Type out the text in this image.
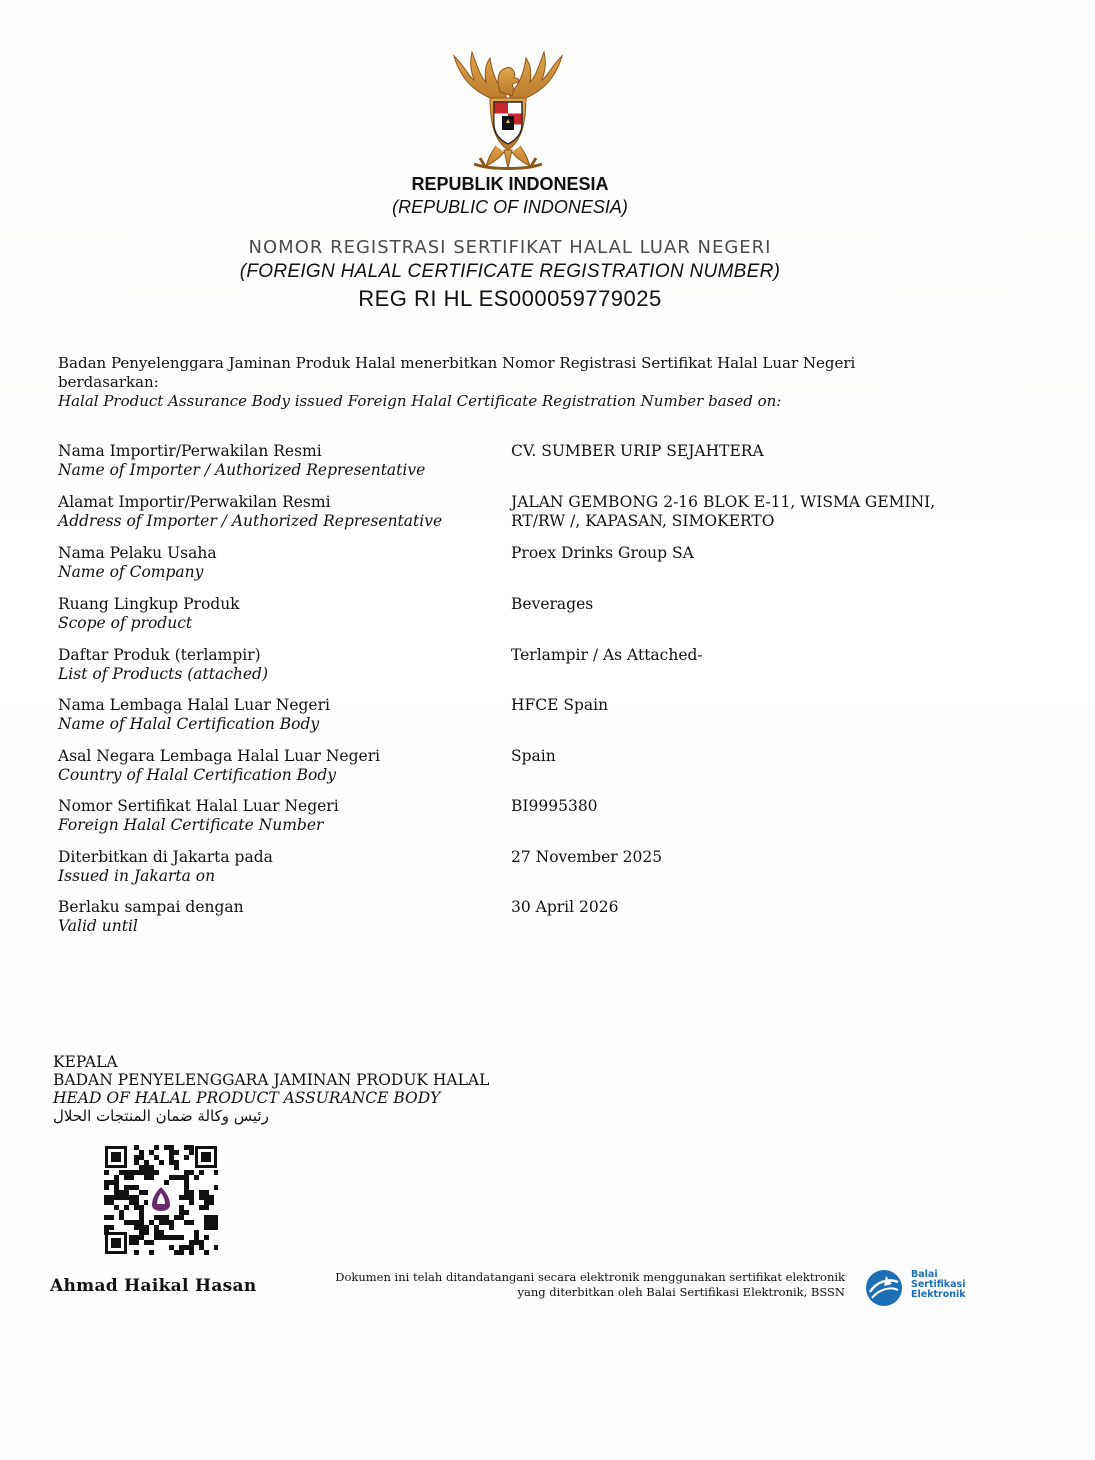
REPUBLIK INDONESIA
(REPUBLIC OF INDONESIA)
NOMOR REGISTRASI SERTIFIKAT HALAL LUAR NEGERI
(FOREIGN HALAL CERTIFICATE REGISTRATION NUMBER)
REG RI HL ES000059779025
Badan Penyelenggara Jaminan Produk Halal menerbitkan Nomor Registrasi Sertifikat Halal Luar Negeri berdasarkan:
Halal Product Assurance Body issued Foreign Halal Certificate Registration Number based on:
Nama Importir/Perwakilan Resmi
Name of Importer / Authorized Representative
CV. SUMBER URIP SEJAHTERA
Alamat Importir/Perwakilan Resmi
Address of Importer / Authorized Representative
JALAN GEMBONG 2-16 BLOK E-11, WISMA GEMINI, RT/RW /, KAPASAN, SIMOKERTO
Nama Pelaku Usaha
Name of Company
Proex Drinks Group SA
Ruang Lingkup Produk
Scope of product
Beverages
Daftar Produk (terlampir)
List of Products (attached)
Terlampir / As Attached-
Nama Lembaga Halal Luar Negeri
Name of Halal Certification Body
HFCE Spain
Asal Negara Lembaga Halal Luar Negeri
Country of Halal Certification Body
Spain
Nomor Sertifikat Halal Luar Negeri
Foreign Halal Certificate Number
BI9995380
Diterbitkan di Jakarta pada
Issued in Jakarta on
27 November 2025
Berlaku sampai dengan
Valid until
30 April 2026
KEPALA
BADAN PENYELENGGARA JAMINAN PRODUK HALAL
HEAD OF HALAL PRODUCT ASSURANCE BODY
رئيس وكالة ضمان المنتجات الحلال
Ahmad Haikal Hasan	Dokumen ini telah ditandatangani secara elektronik menggunakan sertifikat elektronik
yang diterbitkan oleh Balai Sertifikasi Elektronik, BSSN
Balai
Sertifikasi
Elektronik
